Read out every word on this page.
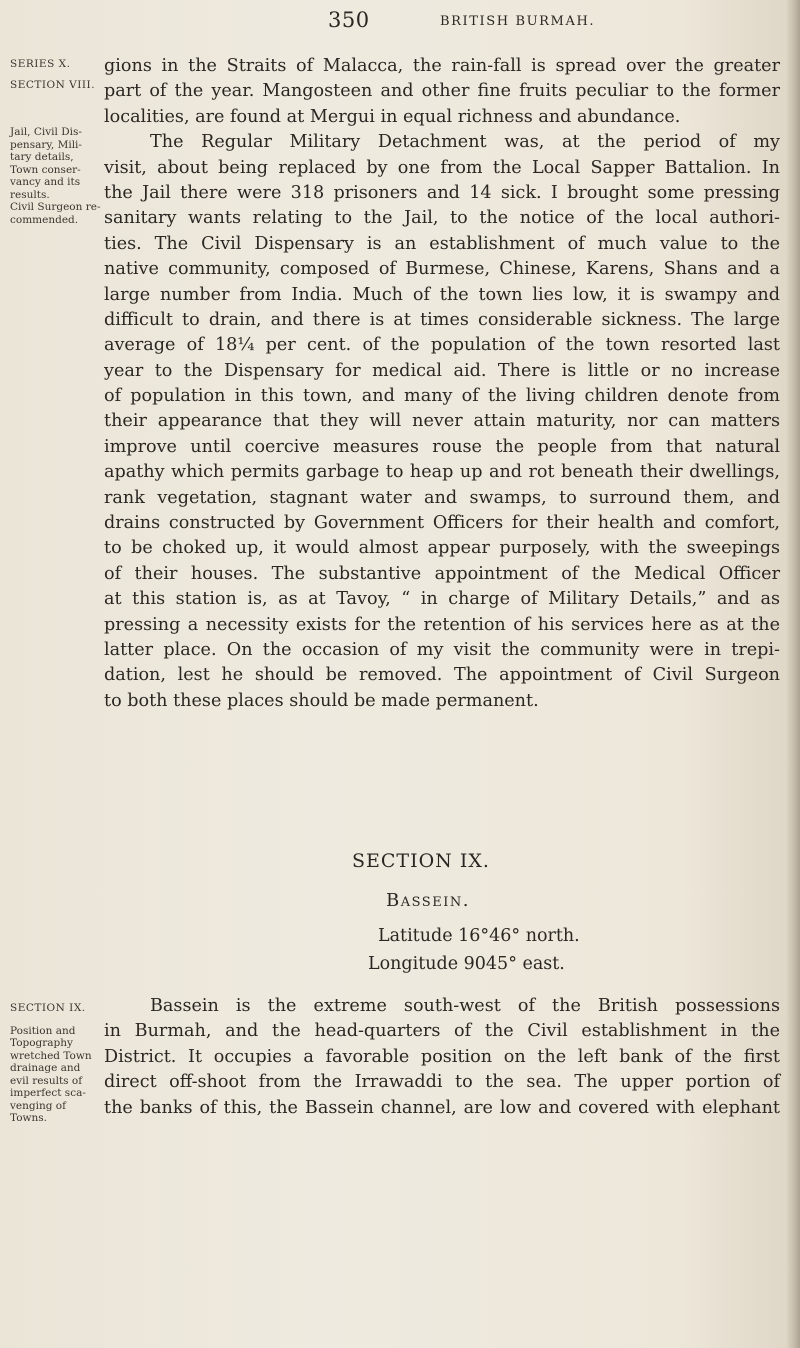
350	BRITISH BURMAH.
SERIES X.
SECTION VIII.
Jail, Civil Dis-
pensary, Mili-
tary details,
Town conser-
vancy and its
results.
Civil Surgeon re-
commended.
gions in the Straits of Malacca, the rain-fall is spread over the greater
part of the year. Mangosteen and other fine fruits peculiar to the former
localities, are found at Mergui in equal richness and abundance.
The Regular Military Detachment was, at the period of my
visit, about being replaced by one from the Local Sapper Battalion. In
the Jail there were 318 prisoners and 14 sick. I brought some pressing
sanitary wants relating to the Jail, to the notice of the local authori-
ties. The Civil Dispensary is an establishment of much value to the
native community, composed of Burmese, Chinese, Karens, Shans and a
large number from India. Much of the town lies low, it is swampy and
difficult to drain, and there is at times considerable sickness. The large
average of 18¼ per cent. of the population of the town resorted last
year to the Dispensary for medical aid. There is little or no increase
of population in this town, and many of the living children denote from
their appearance that they will never attain maturity, nor can matters
improve until coercive measures rouse the people from that natural
apathy which permits garbage to heap up and rot beneath their dwellings,
rank vegetation, stagnant water and swamps, to surround them, and
drains constructed by Government Officers for their health and comfort,
to be choked up, it would almost appear purposely, with the sweepings
of their houses. The substantive appointment of the Medical Officer
at this station is, as at Tavoy, “ in charge of Military Details,” and as
pressing a necessity exists for the retention of his services here as at the
latter place. On the occasion of my visit the community were in trepi-
dation, lest he should be removed. The appointment of Civil Surgeon
to both these places should be made permanent.
SECTION IX.
Bassein.
Latitude 16°46° north.
Longitude 9045° east.
SECTION IX.
Position and
Topography
wretched Town
drainage and
evil results of
imperfect sca-
venging of
Towns.
Bassein is the extreme south-west of the British possessions
in Burmah, and the head-quarters of the Civil establishment in the
District. It occupies a favorable position on the left bank of the first
direct off-shoot from the Irrawaddi to the sea. The upper portion of
the banks of this, the Bassein channel, are low and covered with elephant
